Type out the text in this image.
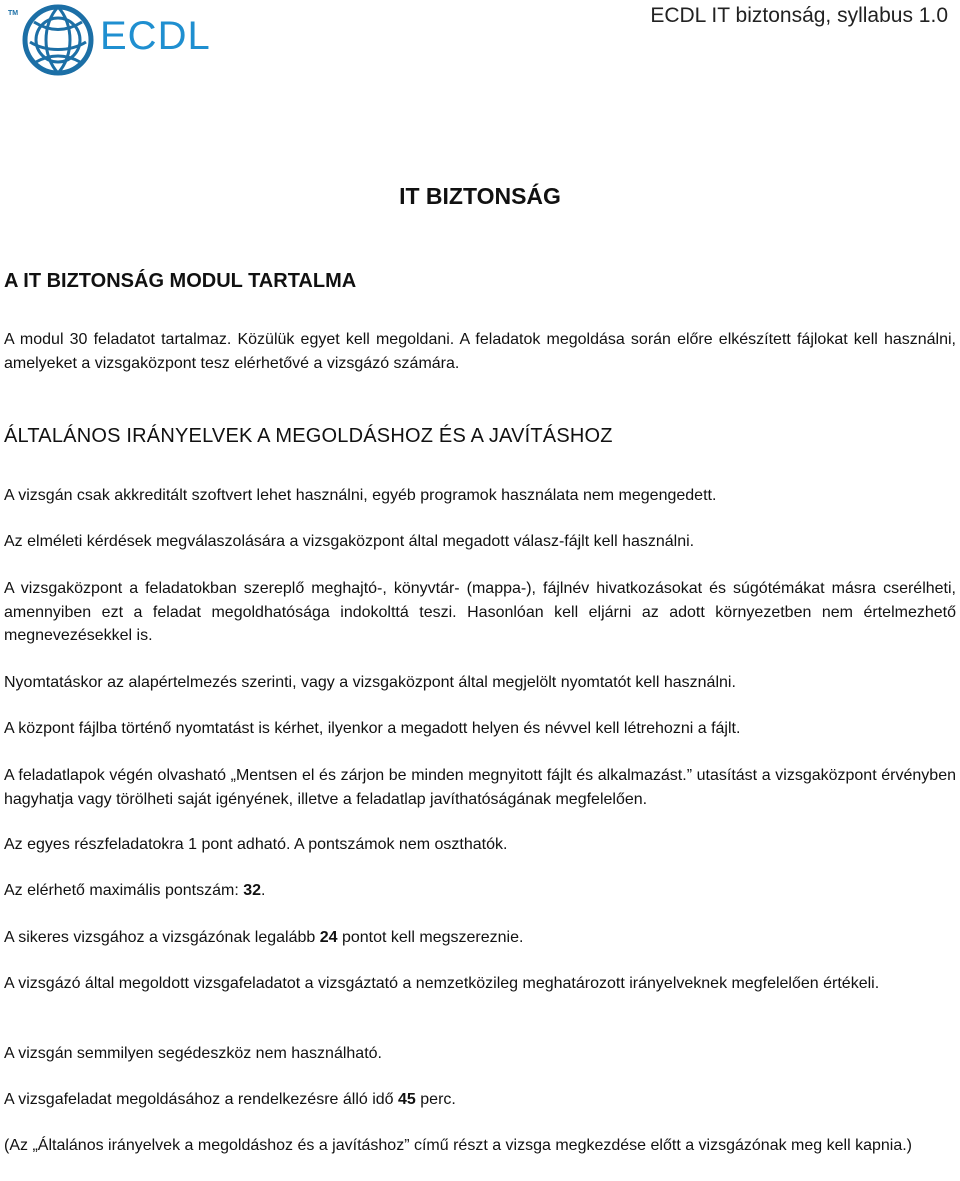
TM
ECDL	ECDL IT biztonság, syllabus 1.0
IT BIZTONSÁG
A IT BIZTONSÁG MODUL TARTALMA

A modul 30 feladatot tartalmaz. Közülük egyet kell megoldani. A feladatok megoldása során előre elkészített fájlokat kell használni, amelyeket a vizsgaközpont tesz elérhetővé a vizsgázó számára.

ÁLTALÁNOS IRÁNYELVEK A MEGOLDÁSHOZ ÉS A JAVÍTÁSHOZ

A vizsgán csak akkreditált szoftvert lehet használni, egyéb programok használata nem megengedett.

Az elméleti kérdések megválaszolására a vizsgaközpont által megadott válasz-fájlt kell használni.

A vizsgaközpont a feladatokban szereplő meghajtó-, könyvtár- (mappa-), fájlnév hivatkozásokat és súgótémákat másra cserélheti, amennyiben ezt a feladat megoldhatósága indokolttá teszi. Hasonlóan kell eljárni az adott környezetben nem értelmezhető megnevezésekkel is.

Nyomtatáskor az alapértelmezés szerinti, vagy a vizsgaközpont által megjelölt nyomtatót kell használni.

A központ fájlba történő nyomtatást is kérhet, ilyenkor a megadott helyen és névvel kell létrehozni a fájlt.

A feladatlapok végén olvasható „Mentsen el és zárjon be minden megnyitott fájlt és alkalmazást.” utasítást a vizsgaközpont érvényben hagyhatja vagy törölheti saját igényének, illetve a feladatlap javíthatóságának megfelelően.

Az egyes részfeladatokra 1 pont adható. A pontszámok nem oszthatók.

Az elérhető maximális pontszám: 32.

A sikeres vizsgához a vizsgázónak legalább 24 pontot kell megszereznie.

A vizsgázó által megoldott vizsgafeladatot a vizsgáztató a nemzetközileg meghatározott irányelveknek megfelelően értékeli.

A vizsgán semmilyen segédeszköz nem használható.

A vizsgafeladat megoldásához a rendelkezésre álló idő 45 perc.

(Az „Általános irányelvek a megoldáshoz és a javításhoz” című részt a vizsga megkezdése előtt a vizsgázónak meg kell kapnia.)
